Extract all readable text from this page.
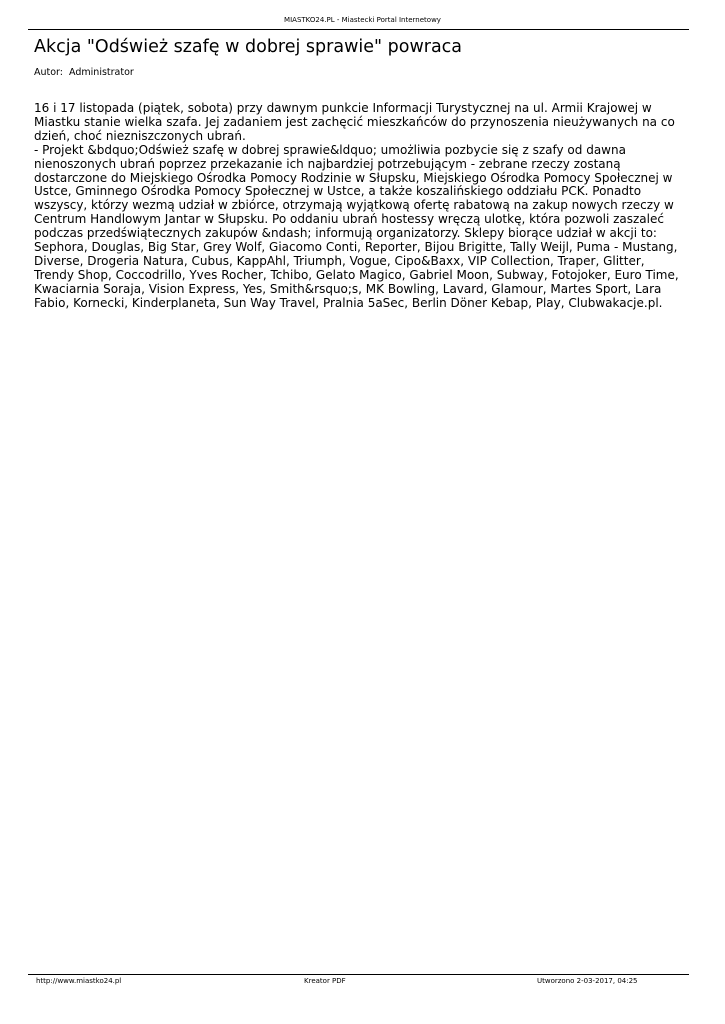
MIASTKO24.PL - Miastecki Portal Internetowy
Akcja "Odśwież szafę w dobrej sprawie" powraca
Autor: Administrator

16 i 17 listopada (piątek, sobota) przy dawnym punkcie Informacji Turystycznej na ul. Armii Krajowej w Miastku stanie wielka szafa. Jej zadaniem jest zachęcić mieszkańców do przynoszenia nieużywanych na co dzień, choć niezniszczonych ubrań.

- Projekt &bdquo;Odśwież szafę w dobrej sprawie&ldquo; umożliwia pozbycie się z szafy od dawna nienoszonych ubrań poprzez przekazanie ich najbardziej potrzebującym - zebrane rzeczy zostaną dostarczone do Miejskiego Ośrodka Pomocy Rodzinie w Słupsku, Miejskiego Ośrodka Pomocy Społecznej w Ustce, Gminnego Ośrodka Pomocy Społecznej w Ustce, a także koszalińskiego oddziału PCK. Ponadto wszyscy, którzy wezmą udział w zbiórce, otrzymają wyjątkową ofertę rabatową na zakup nowych rzeczy w Centrum Handlowym Jantar w Słupsku. Po oddaniu ubrań hostessy wręczą ulotkę, która pozwoli zaszaleć podczas przedświątecznych zakupów &ndash; informują organizatorzy. Sklepy biorące udział w akcji to: Sephora, Douglas, Big Star, Grey Wolf, Giacomo Conti, Reporter, Bijou Brigitte, Tally Weijl, Puma - Mustang, Diverse, Drogeria Natura, Cubus, KappAhl, Triumph, Vogue, Cipo&Baxx, VIP Collection, Traper, Glitter, Trendy Shop, Coccodrillo, Yves Rocher, Tchibo, Gelato Magico, Gabriel Moon, Subway, Fotojoker, Euro Time, Kwaciarnia Soraja, Vision Express, Yes, Smith&rsquo;s, MK Bowling, Lavard, Glamour, Martes Sport, Lara Fabio, Kornecki, Kinderplaneta, Sun Way Travel, Pralnia 5aSec, Berlin Döner Kebap, Play, Clubwakacje.pl.

http://www.miastko24.pl	Kreator PDF	Utworzono 2-03-2017, 04:25
